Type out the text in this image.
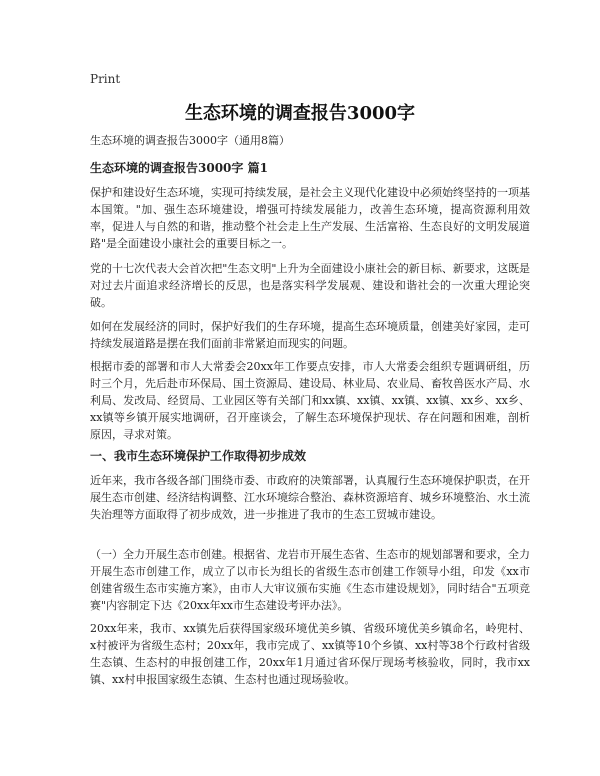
Print
生态环境的调查报告3000字
生态环境的调查报告3000字（通用8篇）
生态环境的调查报告3000字 篇1

保护和建设好生态环境，实现可持续发展，是社会主义现代化建设中必须始终坚持的一项基本国策。"加、强生态环境建设，增强可持续发展能力，改善生态环境，提高资源利用效率，促进人与自然的和谐，推动整个社会走上生产发展、生活富裕、生态良好的文明发展道路"是全面建设小康社会的重要目标之一。

党的十七次代表大会首次把"生态文明"上升为全面建设小康社会的新目标、新要求，这既是对过去片面追求经济增长的反思，也是落实科学发展观、建设和谐社会的一次重大理论突破。

如何在发展经济的同时，保护好我们的生存环境，提高生态环境质量，创建美好家园，走可持续发展道路是摆在我们面前非常紧迫而现实的问题。

根据市委的部署和市人大常委会20xx年工作要点安排，市人大常委会组织专题调研组，历时三个月，先后赴市环保局、国土资源局、建设局、林业局、农业局、畜牧兽医水产局、水利局、发改局、经贸局、工业园区等有关部门和xx镇、xx镇、xx镇、xx镇、xx乡、xx乡、xx镇等乡镇开展实地调研，召开座谈会，了解生态环境保护现状、存在问题和困难，剖析原因，寻求对策。

一、我市生态环境保护工作取得初步成效

近年来，我市各级各部门围绕市委、市政府的决策部署，认真履行生态环境保护职责，在开展生态市创建、经济结构调整、江水环境综合整治、森林资源培育、城乡环境整治、水土流失治理等方面取得了初步成效，进一步推进了我市的生态工贸城市建设。

（一）全力开展生态市创建。根据省、龙岩市开展生态省、生态市的规划部署和要求，全力开展生态市创建工作，成立了以市长为组长的省级生态市创建工作领导小组，印发《xx市创建省级生态市实施方案》，由市人大审议颁布实施《生态市建设规划》，同时结合"五项竞赛"内容制定下达《20xx年xx市生态建设考评办法》。

20xx年来，我市、xx镇先后获得国家级环境优美乡镇、省级环境优美乡镇命名，岭兜村、x村被评为省级生态村；20xx年，我市完成了、xx镇等10个乡镇、xx村等38个行政村省级生态镇、生态村的申报创建工作，20xx年1月通过省环保厅现场考核验收，同时，我市xx镇、xx村申报国家级生态镇、生态村也通过现场验收。
